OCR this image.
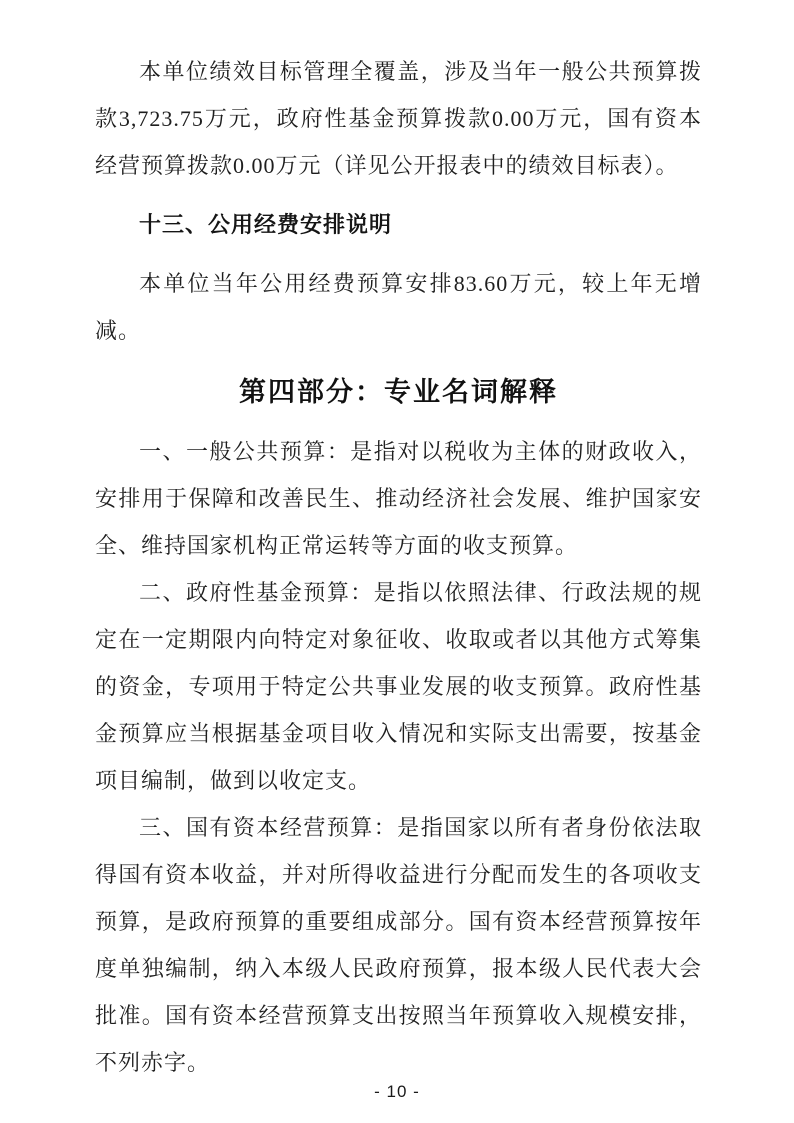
本单位绩效目标管理全覆盖，涉及当年一般公共预算拨款3,723.75万元，政府性基金预算拨款0.00万元，国有资本经营预算拨款0.00万元（详见公开报表中的绩效目标表）。

十三、公用经费安排说明

本单位当年公用经费预算安排83.60万元，较上年无增减。

第四部分：专业名词解释

一、一般公共预算：是指对以税收为主体的财政收入，安排用于保障和改善民生、推动经济社会发展、维护国家安全、维持国家机构正常运转等方面的收支预算。

二、政府性基金预算：是指以依照法律、行政法规的规定在一定期限内向特定对象征收、收取或者以其他方式筹集的资金，专项用于特定公共事业发展的收支预算。政府性基金预算应当根据基金项目收入情况和实际支出需要，按基金项目编制，做到以收定支。

三、国有资本经营预算：是指国家以所有者身份依法取得国有资本收益，并对所得收益进行分配而发生的各项收支预算，是政府预算的重要组成部分。国有资本经营预算按年度单独编制，纳入本级人民政府预算，报本级人民代表大会批准。国有资本经营预算支出按照当年预算收入规模安排，不列赤字。

- 10 -
